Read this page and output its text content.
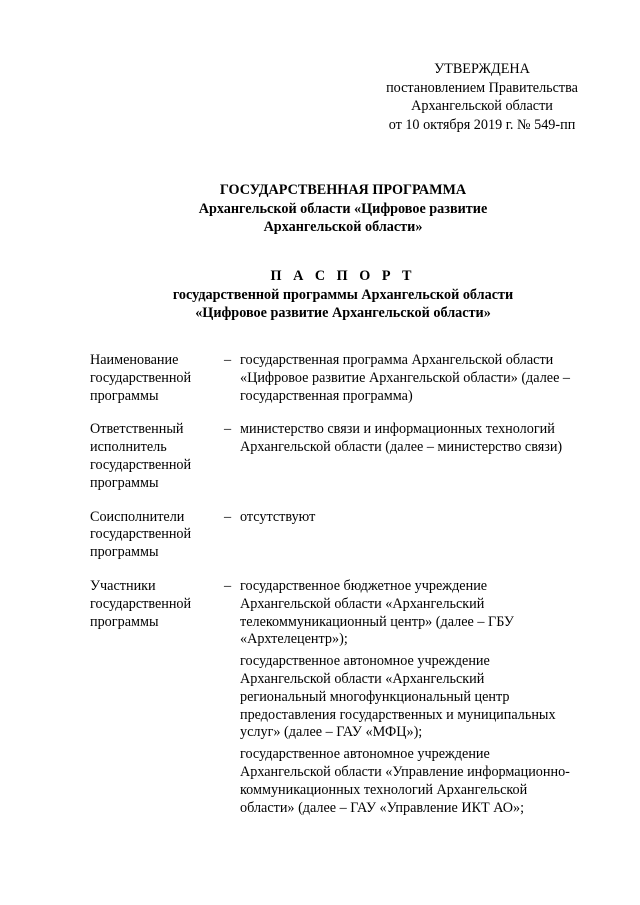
УТВЕРЖДЕНА
постановлением Правительства
Архангельской области
от 10 октября 2019 г. № 549-пп
ГОСУДАРСТВЕННАЯ ПРОГРАММА
Архангельской области «Цифровое развитие
Архангельской области»
П А С П О Р Т
государственной программы Архангельской области
«Цифровое развитие Архангельской области»
Наименование
государственной
программы
– государственная программа Архангельской области
«Цифровое развитие Архангельской области» (далее –
государственная программа)
Ответственный
исполнитель
государственной
программы
– министерство связи и информационных технологий
Архангельской области (далее – министерство связи)
Соисполнители
государственной
программы
– отсутствуют
Участники
государственной
программы
– государственное бюджетное учреждение
Архангельской области «Архангельский
телекоммуникационный центр» (далее – ГБУ
«Архтелецентр»);
государственное автономное учреждение
Архангельской области «Архангельский
региональный многофункциональный центр
предоставления государственных и муниципальных
услуг» (далее – ГАУ «МФЦ»);
государственное автономное учреждение
Архангельской области «Управление информационно-
коммуникационных технологий Архангельской
области» (далее – ГАУ «Управление ИКТ АО»;
